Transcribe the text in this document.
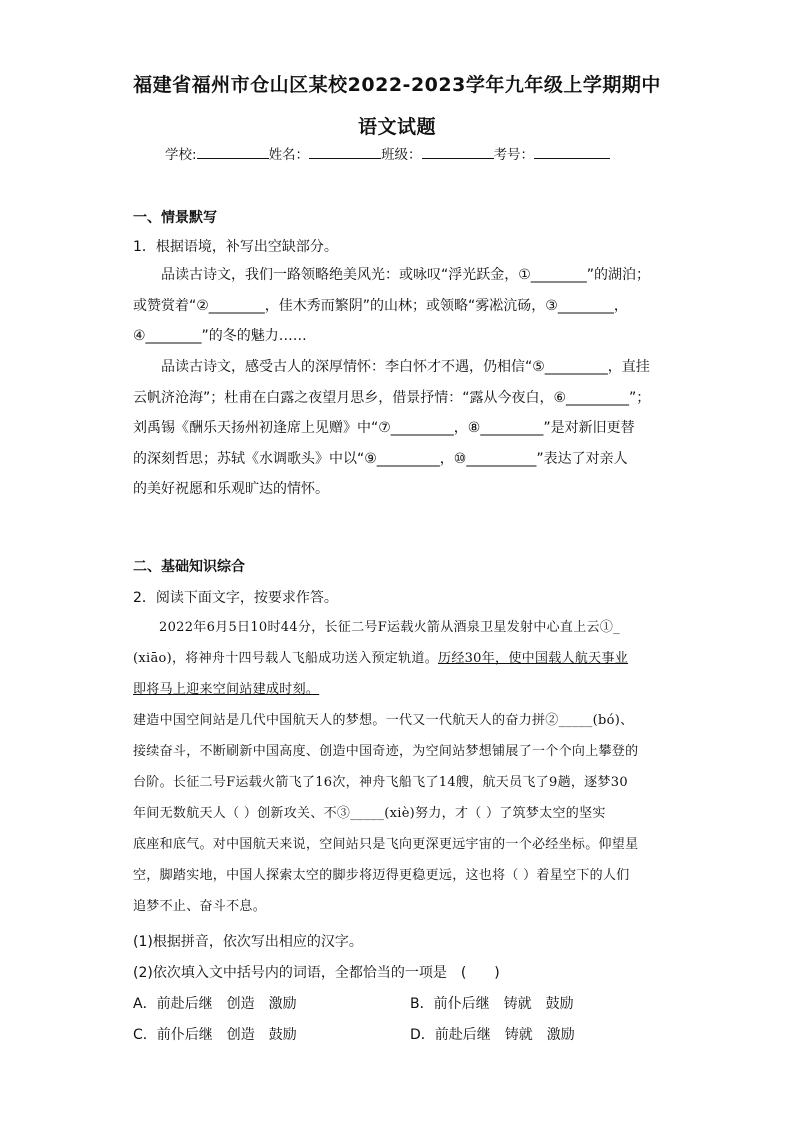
福建省福州市仓山区某校2022-2023学年九年级上学期期中
语文试题
学校:	姓名：	班级：	考号：
一、情景默写
1．根据语境，补写出空缺部分。
品读古诗文，我们一路领略绝美风光：或咏叹“浮光跃金，①________”的湖泊；
或赞赏着“②________，佳木秀而繁阴”的山林；或领略“雾凇沆砀，③________，
④________”的冬的魅力……
品读古诗文，感受古人的深厚情怀：李白怀才不遇，仍相信“⑤_________，直挂
云帆济沧海”；杜甫在白露之夜望月思乡，借景抒情：“露从今夜白，⑥_________”；
刘禹锡《酬乐天扬州初逢席上见赠》中“⑦_________，⑧_________”是对新旧更替
的深刻哲思；苏轼《水调歌头》中以“⑨_________，⑩__________”表达了对亲人
的美好祝愿和乐观旷达的情怀。
二、基础知识综合
2．阅读下面文字，按要求作答。
2022年6月5日10时44分，长征二号F运载火箭从酒泉卫星发射中心直上云①_
(xiāo)，将神舟十四号载人飞船成功送入预定轨道。历经30年，使中国载人航天事业
即将马上迎来空间站建成时刻。
建造中国空间站是几代中国航天人的梦想。一代又一代航天人的奋力拼②_____(bó)、
接续奋斗，不断刷新中国高度、创造中国奇迹，为空间站梦想铺展了一个个向上攀登的
台阶。长征二号F运载火箭飞了16次，神舟飞船飞了14艘，航天员飞了9趟，逐梦30
年间无数航天人（ ）创新攻关、不③_____(xiè)努力，才（ ）了筑梦太空的坚实
底座和底气。对中国航天来说，空间站只是飞向更深更远宇宙的一个必经坐标。仰望星
空，脚踏实地，中国人探索太空的脚步将迈得更稳更远，这也将（ ）着星空下的人们
追梦不止、奋斗不息。
(1)根据拼音，依次写出相应的汉字。
(2)依次填入文中括号内的词语，全都恰当的一项是　(　　)
A．前赴后继　创造　激励	B．前仆后继　铸就　鼓励
C．前仆后继　创造　鼓励	D．前赴后继　铸就　激励
